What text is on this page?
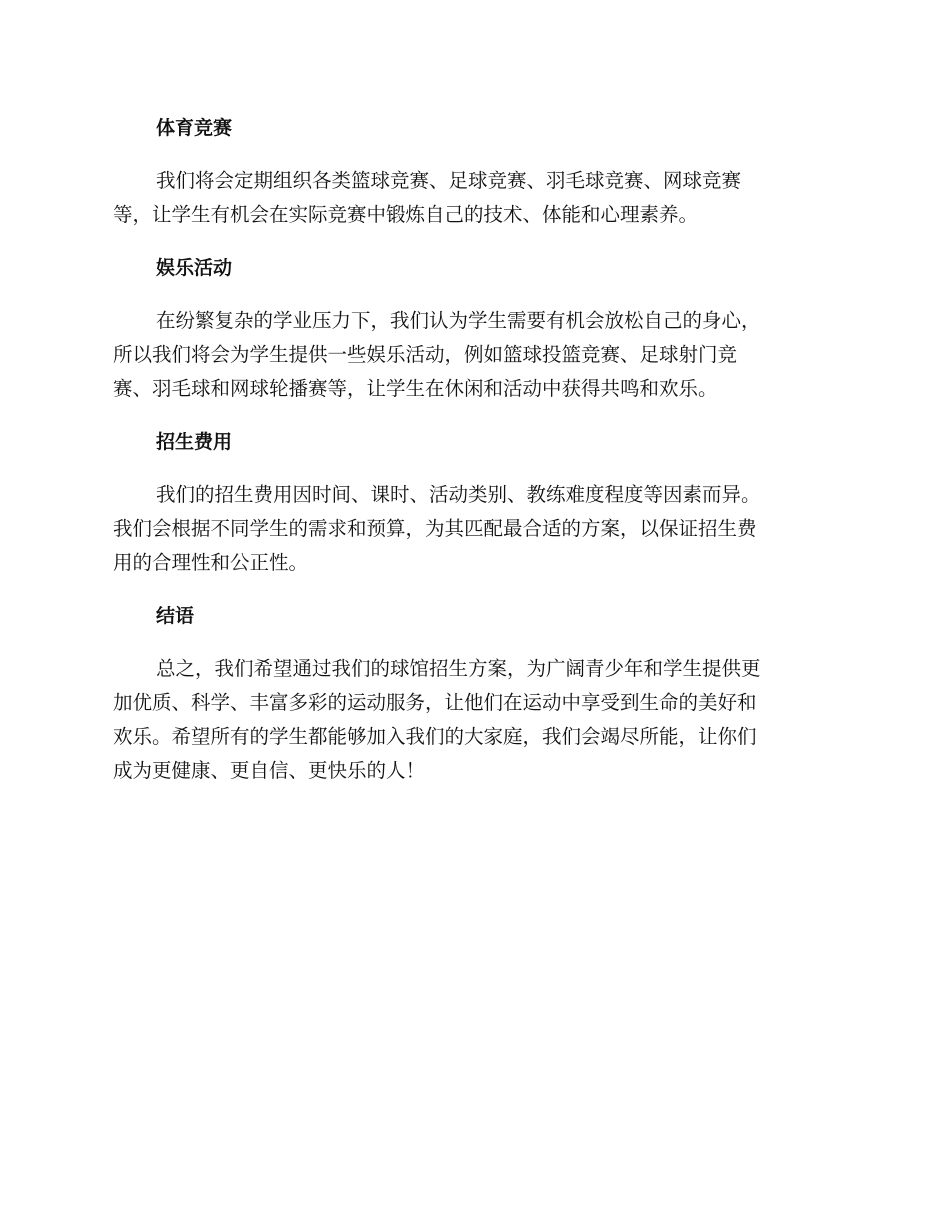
体育竞赛
我们将会定期组织各类篮球竞赛、足球竞赛、羽毛球竞赛、网球竞赛
等，让学生有机会在实际竞赛中锻炼自己的技术、体能和心理素养。
娱乐活动
在纷繁复杂的学业压力下，我们认为学生需要有机会放松自己的身心，
所以我们将会为学生提供一些娱乐活动，例如篮球投篮竞赛、足球射门竞
赛、羽毛球和网球轮播赛等，让学生在休闲和活动中获得共鸣和欢乐。
招生费用
我们的招生费用因时间、课时、活动类别、教练难度程度等因素而异。
我们会根据不同学生的需求和预算，为其匹配最合适的方案，以保证招生费
用的合理性和公正性。
结语
总之，我们希望通过我们的球馆招生方案，为广阔青少年和学生提供更
加优质、科学、丰富多彩的运动服务，让他们在运动中享受到生命的美好和
欢乐。希望所有的学生都能够加入我们的大家庭，我们会竭尽所能，让你们
成为更健康、更自信、更快乐的人！
